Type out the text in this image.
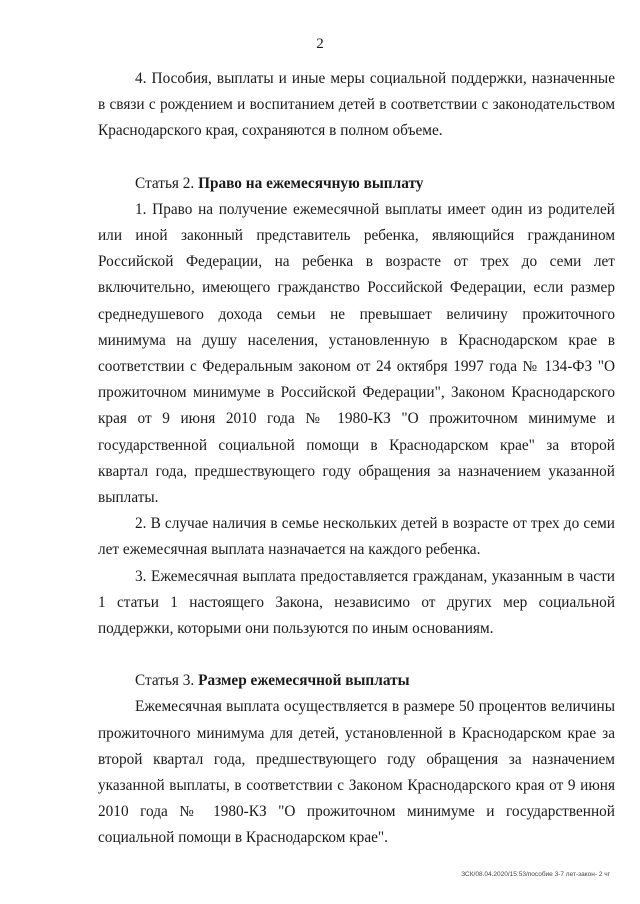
2

4. Пособия, выплаты и иные меры социальной поддержки, назначенные в связи с рождением и воспитанием детей в соответствии с законодательством Краснодарского края, сохраняются в полном объеме.

Статья 2. Право на ежемесячную выплату

1. Право на получение ежемесячной выплаты имеет один из родителей или иной законный представитель ребенка, являющийся гражданином Российской Федерации, на ребенка в возрасте от трех до семи лет включительно, имеющего гражданство Российской Федерации, если размер среднедушевого дохода семьи не превышает величину прожиточного минимума на душу населения, установленную в Краснодарском крае в соответствии с Федеральным законом от 24 октября 1997 года № 134-ФЗ "О прожиточном минимуме в Российской Федерации", Законом Краснодарского края от 9 июня 2010 года № 1980-КЗ "О прожиточном минимуме и государственной социальной помощи в Краснодарском крае" за второй квартал года, предшествующего году обращения за назначением указанной выплаты.

2. В случае наличия в семье нескольких детей в возрасте от трех до семи лет ежемесячная выплата назначается на каждого ребенка.

3. Ежемесячная выплата предоставляется гражданам, указанным в части 1 статьи 1 настоящего Закона, независимо от других мер социальной поддержки, которыми они пользуются по иным основаниям.

Статья 3. Размер ежемесячной выплаты

Ежемесячная выплата осуществляется в размере 50 процентов величины прожиточного минимума для детей, установленной в Краснодарском крае за второй квартал года, предшествующего году обращения за назначением указанной выплаты, в соответствии с Законом Краснодарского края от 9 июня 2010 года № 1980-КЗ "О прожиточном минимуме и государственной социальной помощи в Краснодарском крае".

ЗСК/08.04.2020/15:53/пособие 3-7 лет-закон- 2 чг
